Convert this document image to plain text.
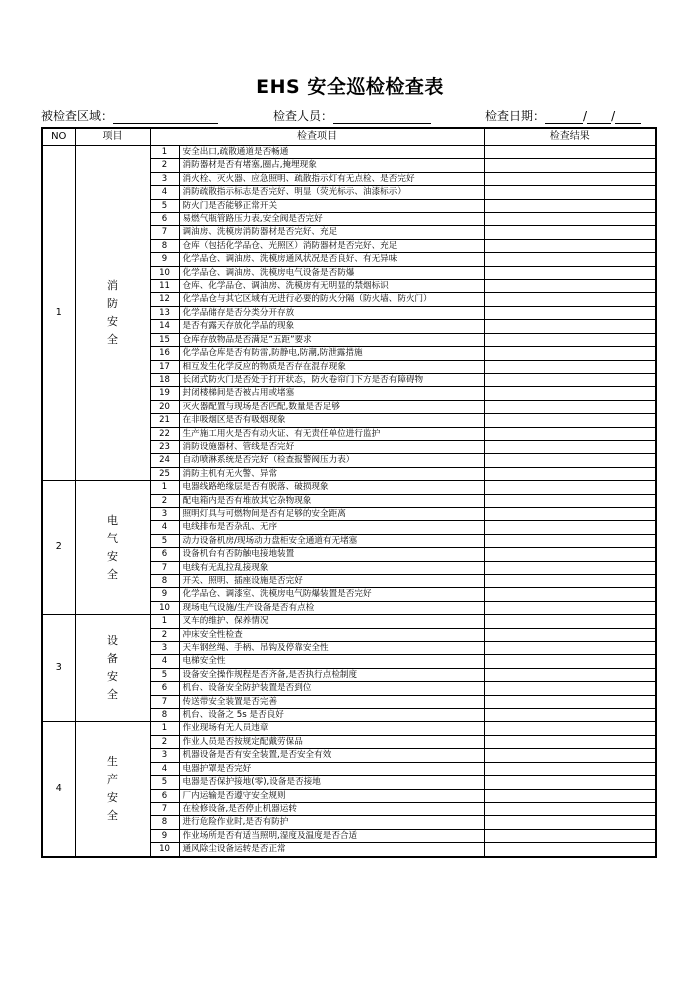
EHS 安全巡检检查表
被检查区域：	检查人员：	检查日期：	/ /
NO	项目	检查项目		检查结果
1	消
防
安
全	1	安全出口,疏散通道是否畅通	
		2	消防器材是否有堵塞,圈占,掩埋现象	
		3	消火栓、灭火器、应急照明、疏散指示灯有无点检、是否完好	
		4	消防疏散指示标志是否完好、明显（荧光标示、油漆标示）	
		5	防火门是否能够正常开关	
		6	易燃气瓶管路压力表,安全阀是否完好	
		7	调油房、洗模房消防器材是否完好、充足	
		8	仓库（包括化学品仓、光照区）消防器材是否完好、充足	
		9	化学品仓、调油房、洗模房通风状况是否良好、有无异味	
		10	化学品仓、调油房、洗模房电气设备是否防爆	
		11	仓库、化学品仓、调油房、洗模房有无明显的禁烟标识	
		12	化学品仓与其它区域有无进行必要的防火分隔（防火墙、防火门）	
		13	化学品储存是否分类分开存放	
		14	是否有露天存放化学品的现象	
		15	仓库存放物品是否满足“五距”要求	
		16	化学品仓库是否有防雷,防静电,防潮,防泄露措施	
		17	相互发生化学反应的物质是否存在混存现象	
		18	长闭式防火门是否处于打开状态，防火卷帘门下方是否有障碍物	
		19	封闭楼梯间是否被占用或堵塞	
		20	灭火器配置与现场是否匹配,数量是否足够	
		21	在非吸烟区是否有吸烟现象	
		22	生产施工用火是否有动火证、有无责任单位进行监护	
		23	消防设施器材、管线是否完好	
		24	自动喷淋系统是否完好（检查报警阀压力表）	
		25	消防主机有无火警、异常	
2	电
气
安
全	1	电器线路绝缘层是否有脱落、破损现象	
		2	配电箱内是否有堆放其它杂物现象	
		3	照明灯具与可燃物间是否有足够的安全距离	
		4	电线排布是否杂乱、无序	
		5	动力设备机房/现场动力盘柜安全通道有无堵塞	
		6	设备机台有否防触电接地装置	
		7	电线有无乱拉乱接现象	
		8	开关、照明、插座设施是否完好	
		9	化学品仓、调漆室、洗模房电气防爆装置是否完好	
		10	现场电气设施/生产设备是否有点检	
3	设
备
安
全	1	叉车的维护、保养情况	
		2	冲床安全性检查	
		3	天车钢丝绳、手柄、吊钩及停靠安全性	
		4	电梯安全性	
		5	设备安全操作规程是否齐备,是否执行点检制度	
		6	机台、设备安全防护装置是否到位	
		7	传送带安全装置是否完善	
		8	机台、设备之 5s 是否良好	
4	生
产
安
全	1	作业现场有无人员违章	
		2	作业人员是否按规定配戴劳保品	
		3	机器设备是否有安全装置,是否安全有效	
		4	电器护罩是否完好	
		5	电器是否保护接地(零),设备是否接地	
		6	厂内运输是否遵守安全规则	
		7	在检修设备,是否停止机器运转	
		8	进行危险作业时,是否有防护	
		9	作业场所是否有适当照明,湿度及温度是否合适	
		10	通风除尘设备运转是否正常	
